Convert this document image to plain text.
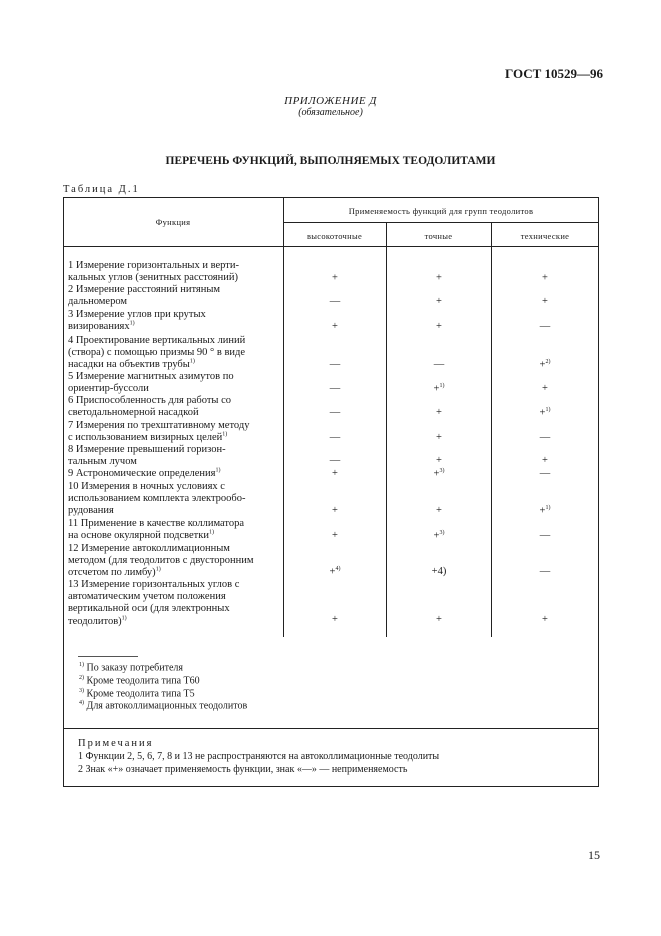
ГОСТ 10529—96
ПРИЛОЖЕНИЕ Д
(обязательное)
ПЕРЕЧЕНЬ ФУНКЦИЙ, ВЫПОЛНЯЕМЫХ ТЕОДОЛИТАМИ
Таблица Д.1
Функция
Применяемость функций для групп теодолитов
высокоточные	точные	технические
1 Измерение горизонтальных и верти-
кальных углов (зенитных расстояний)	+	+	+
2 Измерение расстояний нитяным
дальномером	—	+	+
3 Измерение углов при крутых
визированиях$^{1)}$	+	+	—
4 Проектирование вертикальных линий
(створа) с помощью призмы 90 ° в виде
насадки на объектив трубы$^{1)}$	—	—	+$^{2)}$
5 Измерение магнитных азимутов по
ориентир-буссоли	—	+$^{1)}$	+
6 Приспособленность для работы со
светодальномерной насадкой	—	+	+$^{1)}$
7 Измерения по трехштативному методу
с использованием визирных целей$^{1)}$	—	+	—
8 Измерение превышений горизон-
тальным лучом	—	+	+
9 Астрономические определения$^{1)}$	+	+$^{3)}$	—
10 Измерения в ночных условиях с
использованием комплекта электрообо-
рудования	+	+	+$^{1)}$
11 Применение в качестве коллиматора
на основе окулярной подсветки$^{1)}$	+	+$^{3)}$	—
12 Измерение автоколлимационным
методом (для теодолитов с двусторонним
отсчетом по лимбу)$^{1)}$	+$^{4)}$	+4)	—
13 Измерение горизонтальных углов с
автоматическим учетом положения
вертикальной оси (для электронных
теодолитов)$^{1)}$	+	+	+
$^{1)}$ По заказу потребителя
$^{2)}$ Кроме теодолита типа Т60
$^{3)}$ Кроме теодолита типа Т5
$^{4)}$ Для автоколлимационных теодолитов
Примечания
1 Функции 2, 5, 6, 7, 8 и 13 не распространяются на автоколлимационные теодолиты
2 Знак «+» означает применяемость функции, знак «—» — неприменяемость
15
